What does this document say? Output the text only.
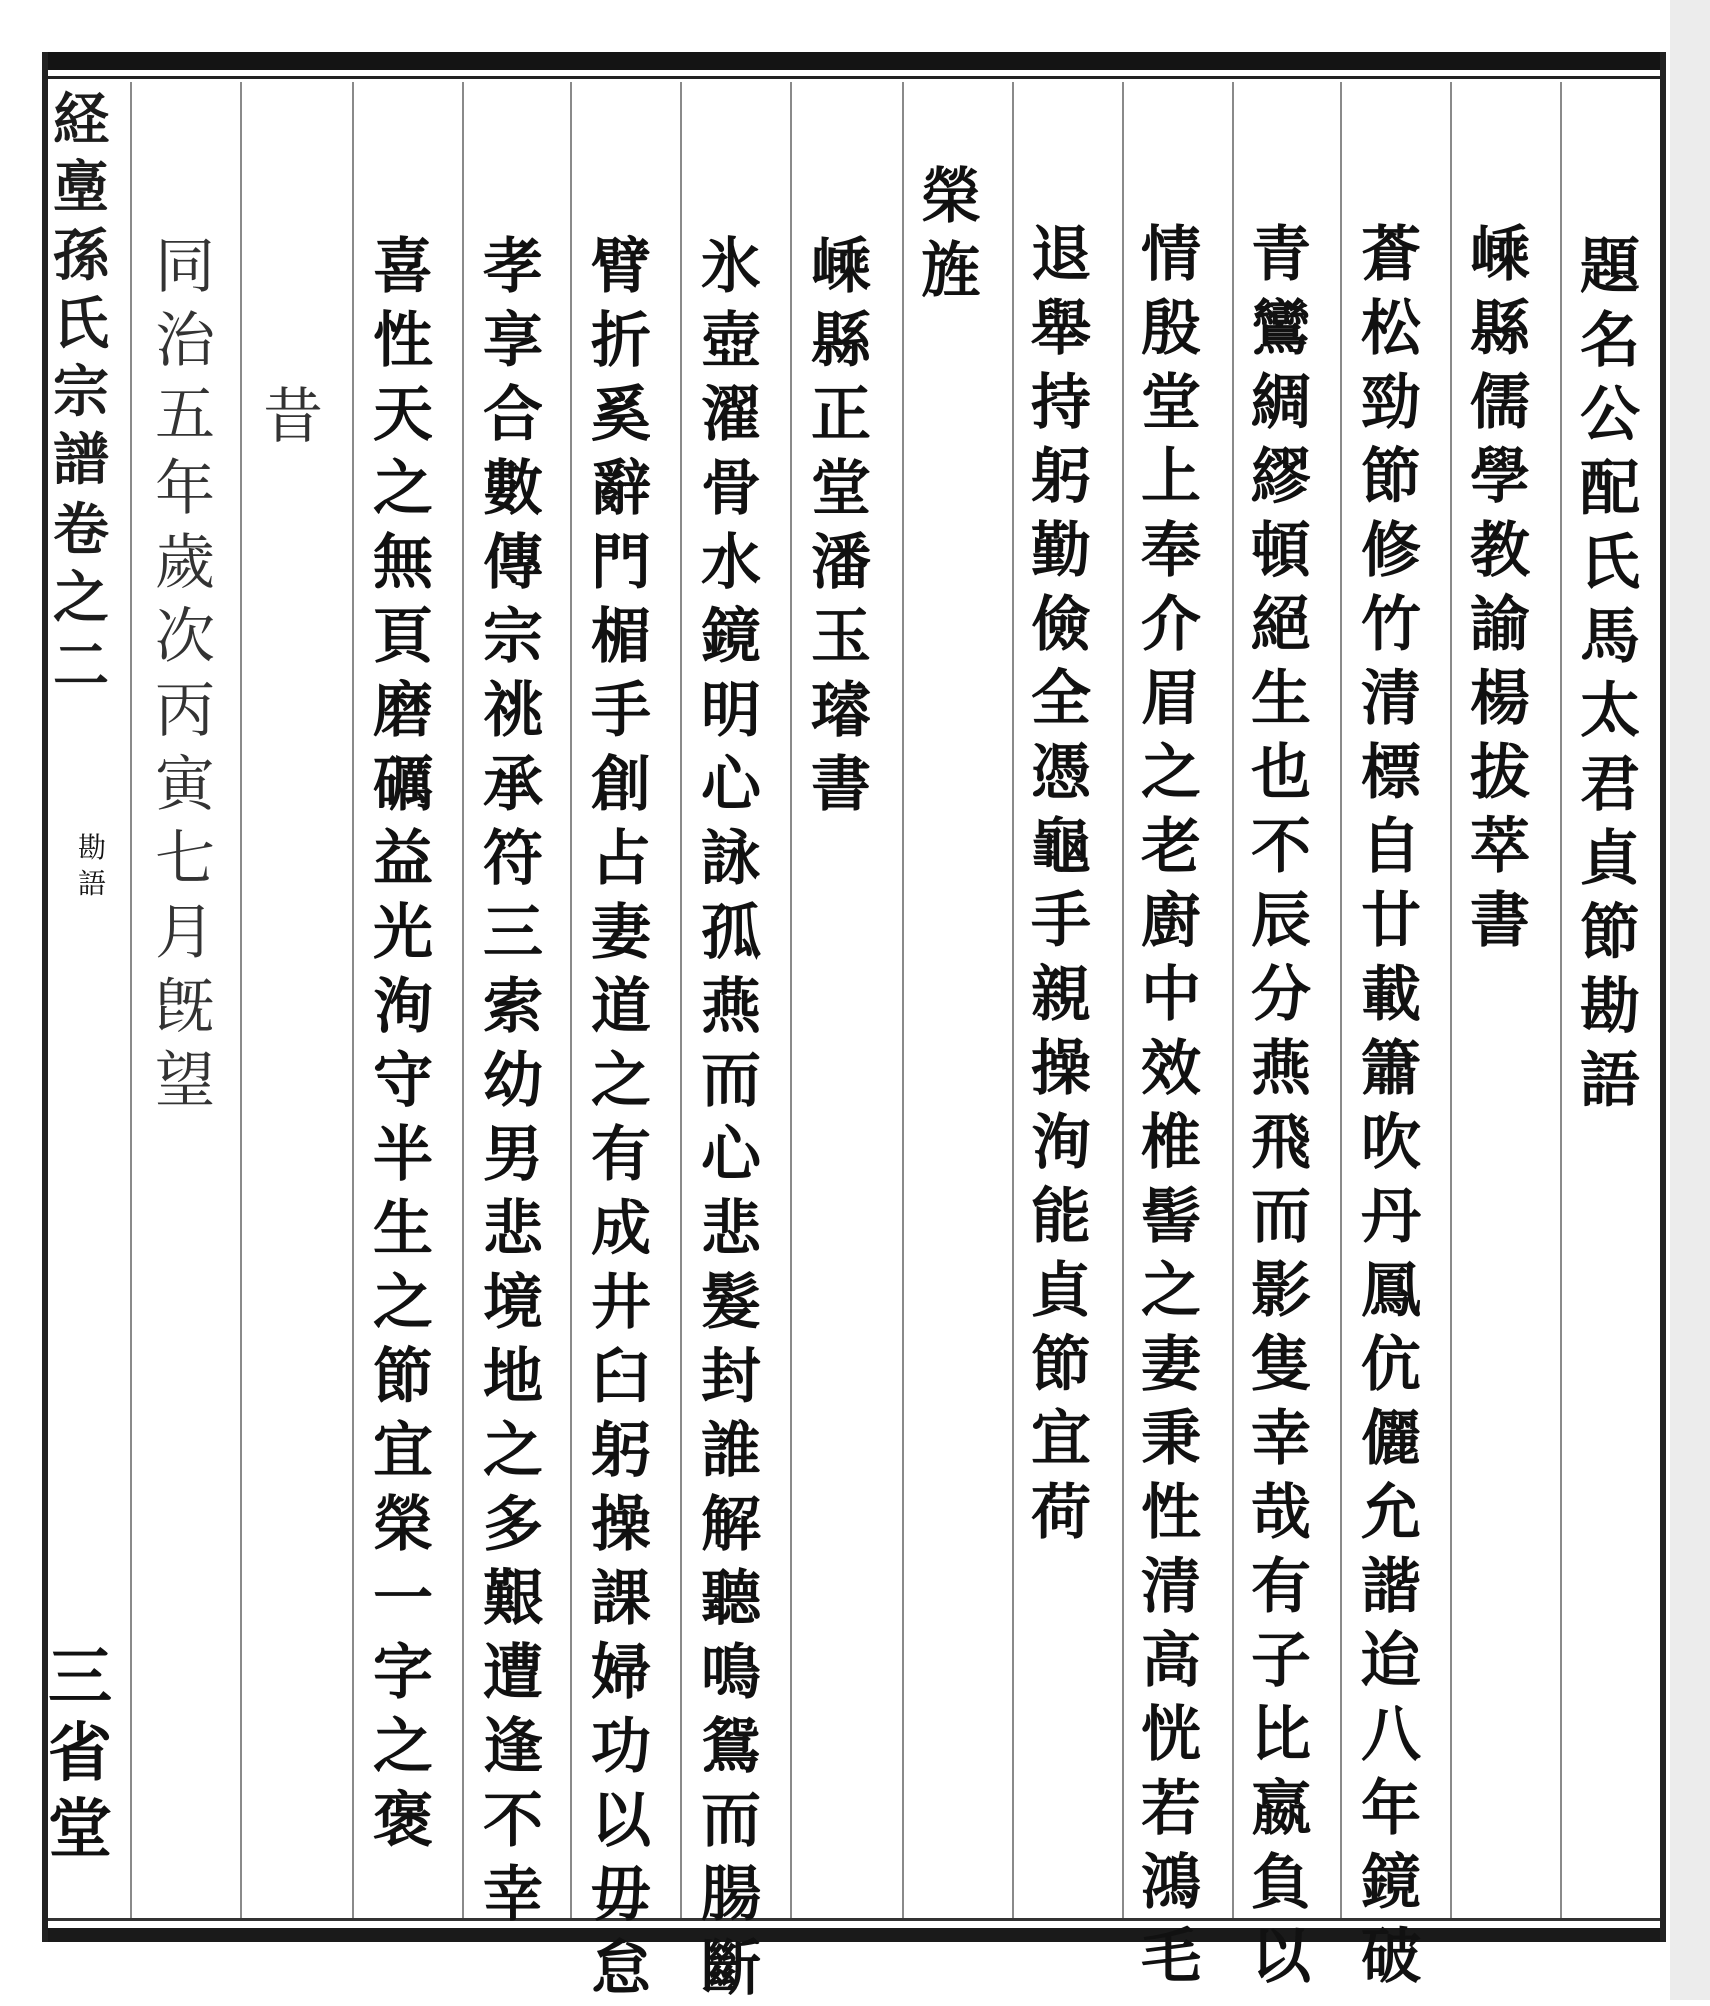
経
㙜
孫
氏
宗
譜
卷
之
二
勘
語
三
省
堂
題
名
公
配
氏
馬
太
君
貞
節
勘
語
嵊
縣
儒
學
教
諭
楊
拔
萃
書
蒼
松
勁
節
修
竹
清
標
自
廿
載
簫
吹
丹
鳳
伉
儷
允
諧
迨
八
年
鏡
破
青
鸞
綢
繆
頓
絕
生
也
不
辰
分
燕
飛
而
影
隻
幸
哉
有
子
比
嬴
負
以
情
殷
堂
上
奉
介
眉
之
老
廚
中
效
椎
髻
之
妻
秉
性
清
高
恍
若
鴻
毛
退
舉
持
躬
勤
儉
全
憑
龜
手
親
操
洵
能
貞
節
宜
荷
榮
旌
嵊
縣
正
堂
潘
玉
璿
書
氷
壺
濯
骨
水
鏡
明
心
詠
孤
燕
而
心
悲
髮
封
誰
解
聽
鳴
鴛
而
腸
斷
臂
折
奚
辭
門
楣
手
創
占
妻
道
之
有
成
井
臼
躬
操
課
婦
功
以
毋
怠
孝
享
合
數
傳
宗
祧
承
符
三
索
幼
男
悲
境
地
之
多
艱
遭
逢
不
幸
喜
性
天
之
無
頁
磨
礪
益
光
洵
守
半
生
之
節
宜
榮
一
字
之
褒
昔
同
治
五
年
歲
次
丙
寅
七
月
旣
望
